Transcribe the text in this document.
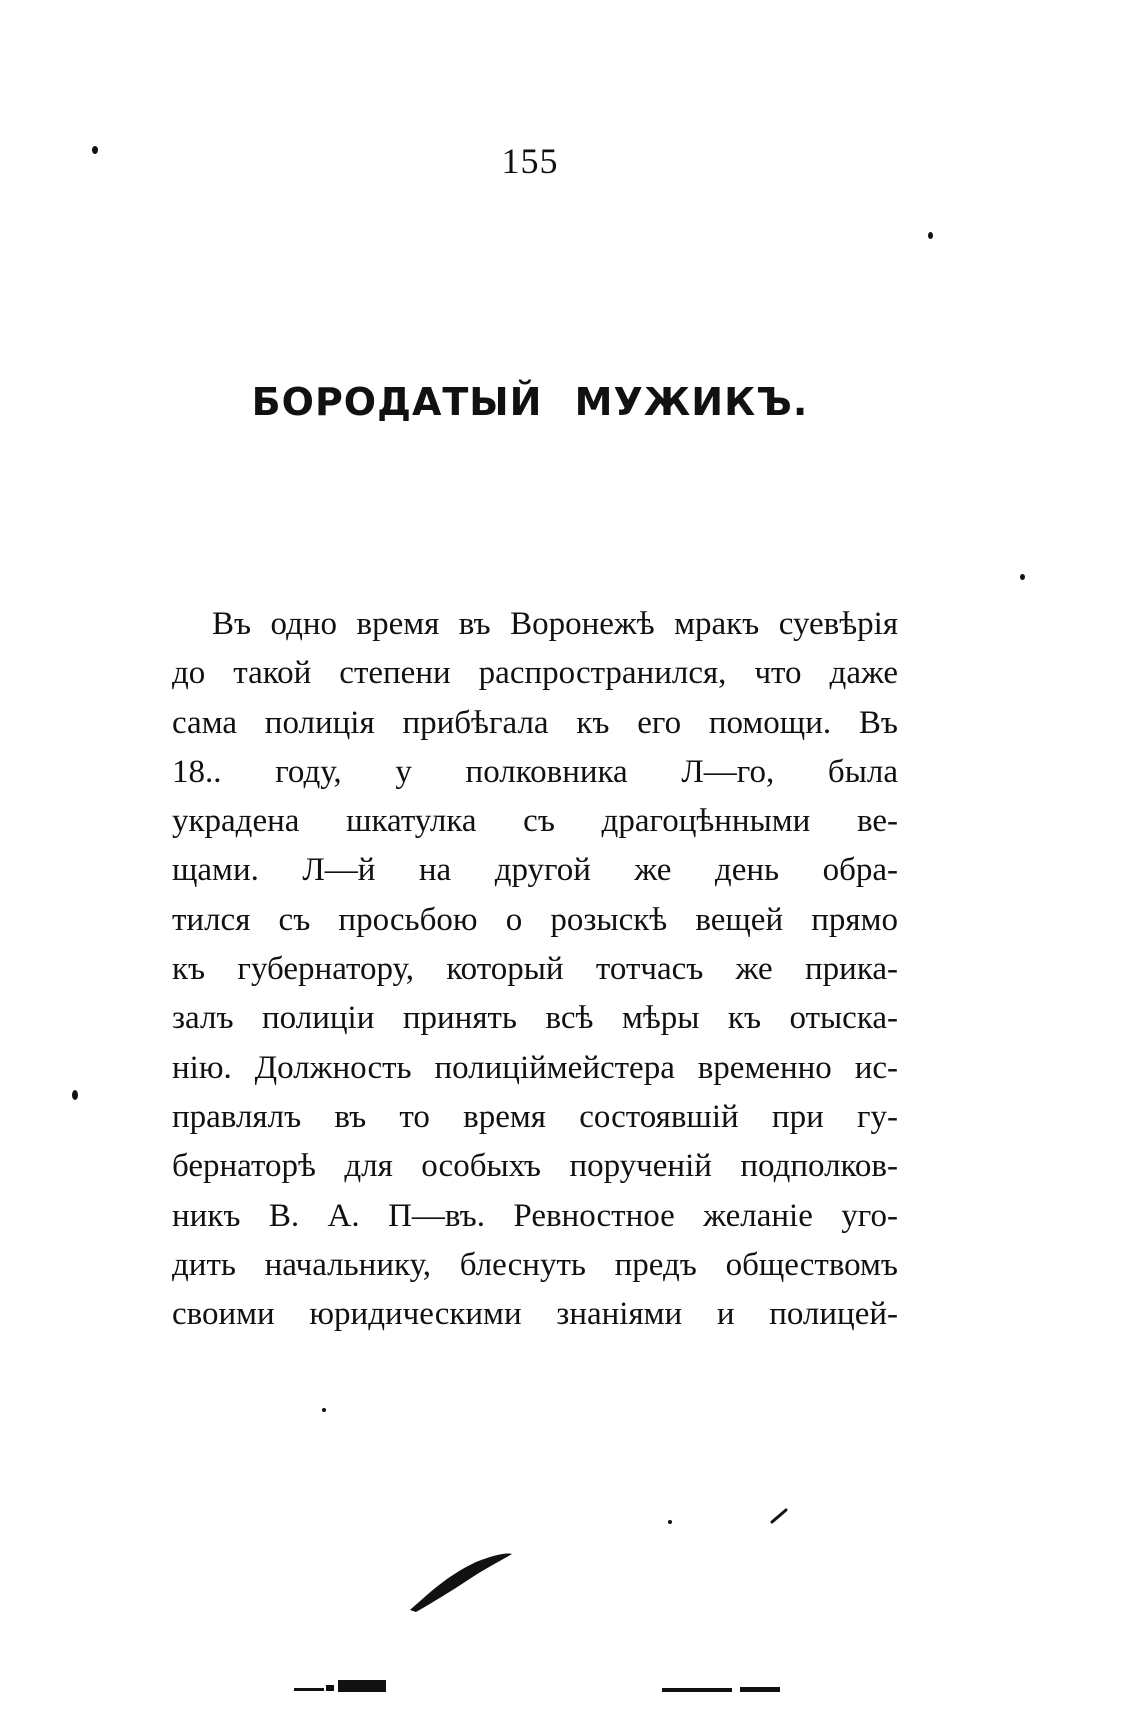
155
БОРОДАТЫЙ МУЖИКЪ.
Въ одно время въ Воронежѣ мракъ суевѣрія
до такой степени распространился, что даже
сама полиція прибѣгала къ его помощи. Въ
18.. году, у полковника Л—го, была
украдена шкатулка съ драгоцѣнными ве-
щами. Л—й на другой же день обра-
тился съ просьбою о розыскѣ вещей прямо
къ губернатору, который тотчасъ же прика-
залъ полиціи принять всѣ мѣры къ отыска-
нію. Должность полиціймейстера временно ис-
правлялъ въ то время состоявшій при гу-
бернаторѣ для особыхъ порученій подполков-
никъ В. А. П—въ. Ревностное желаніе уго-
дить начальнику, блеснуть предъ обществомъ
своими юридическими знаніями и полицей-
